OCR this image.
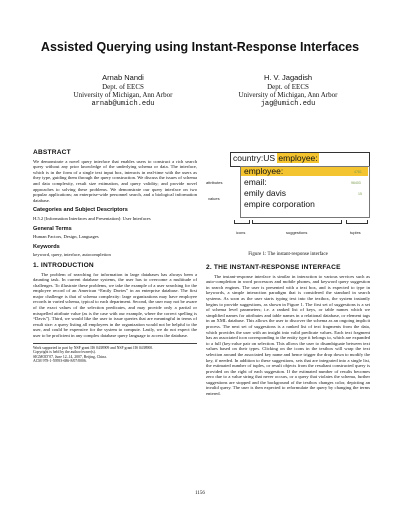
Assisted Querying using Instant-Response Interfaces
Arnab Nandi
Dept. of EECS
University of Michigan, Ann Arbor
arnab@umich.edu
H. V. Jagadish
Dept. of EECS
University of Michigan, Ann Arbor
jag@umich.edu
ABSTRACT

We demonstrate a novel query interface that enables users to construct a rich search query without any prior knowledge of the underlying schema or data. The interface, which is in the form of a single text input box, interacts in real-time with the users as they type, guiding them through the query construction. We discuss the issues of schema and data complexity, result size estimation, and query validity; and provide novel approaches to solving these problems. We demonstrate our query interface on two popular applications; an enterprise-wide personnel search, and a biological information database.

Categories and Subject Descriptors

H.5.2 [Information Interfaces and Presentation]: User Interfaces

General Terms

Human Factors, Design, Languages

Keywords

keyword, query, interface, autocompletion

1. INTRODUCTION

The problem of searching for information in large databases has always been a daunting task. In current database systems, the user has to overcome a multitude of challenges. To illustrate these problems, we take the example of a user searching for the employee record of an American “Emily Davies” in an enterprise database. The first major challenge is that of schema complexity: large organizations may have employee records in varied schema, typical to each department. Second, the user may not be aware of the exact values of the selection predicates, and may provide only a partial or misspelled attribute value (as is the case with our example, where the correct spelling is “Davis”). Third, we would like the user to issue queries that are meaningful in terms of result size: a query listing all employees in the organization would not be helpful to the user, and could be expensive for the system to compute. Lastly, we do not expect the user to be proficient in any complex database query language to access the database.

Work supported in part by NSF grant IIS 0438909 and NSF grant IIS 0438900.
Copyright is held by the author/owner(s).
SIGMOD’07, June 12–14, 2007, Beijing, China.
ACM 978-1-59593-686-8/07/0006.
country:US employee:
employee:
email:
emily davis
empire corporation
4781
96403
15
attributes
values
icons	suggestions	tuples
Figure 1: The instant-response interface
2. THE INSTANT-RESPONSE INTERFACE

The instant-response interface is similar in interaction to various services such as auto-completion in word processors and mobile phones, and keyword query suggestion in search engines. The user is presented with a text box, and is expected to type in keywords, a simple interaction paradigm that is considered the standard in search systems. As soon as the user starts typing text into the textbox, the system instantly begins to provide suggestions, as shown in Figure 1. The first set of suggestions is a set of schema level parameters; i.e. a ranked list of keys, or table names which we simplified names for attributes and table names in a relational database, or element tags in an XML database. This allows the user to discover the schema as an ongoing implicit process. The next set of suggestions is a ranked list of text fragments from the data, which provides the user with an insight into valid predicate values. Each text fragment has an associated icon corresponding to the entity type it belongs to, which are expanded to a full (key:value pair on selection. This allows the user to disambiguate between text values based on their types. Clicking on the icons in the textbox will wrap the text selection around the associated key name and hence trigger the drop down to modify the key, if needed. In addition to these suggestions, sets that are integrated into a single list, the estimated number of tuples, or result objects from the resultant constructed query is provided on the right of each suggestion. If the estimated number of results becomes zero due to a value string that never occurs, or a query that violates the schema, further suggestions are stopped and the background of the textbox changes color, depicting an invalid query. The user is then expected to reformulate the query by changing the terms entered.

1156
